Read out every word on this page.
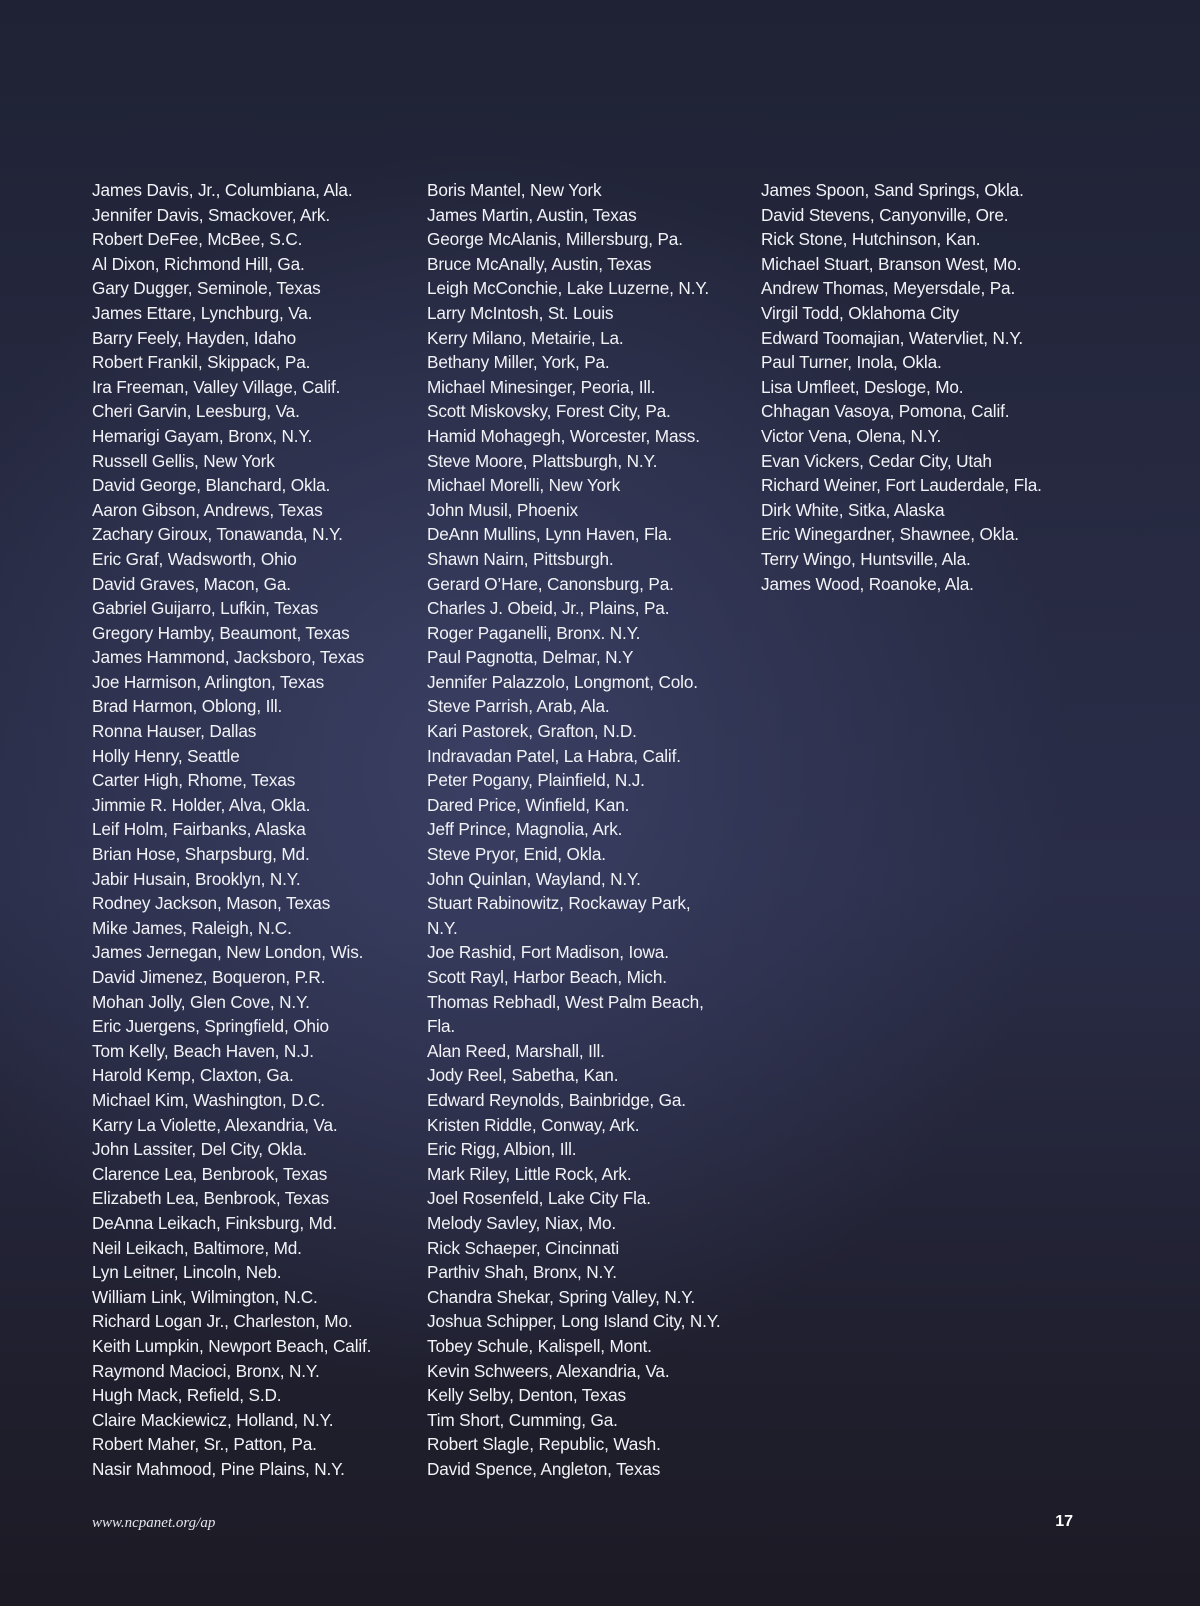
James Davis, Jr., Columbiana, Ala.
Jennifer Davis, Smackover, Ark.
Robert DeFee, McBee, S.C.
Al Dixon, Richmond Hill, Ga.
Gary Dugger, Seminole, Texas
James Ettare, Lynchburg, Va.
Barry Feely, Hayden, Idaho
Robert Frankil, Skippack, Pa.
Ira Freeman, Valley Village, Calif.
Cheri Garvin, Leesburg, Va.
Hemarigi Gayam, Bronx, N.Y.
Russell Gellis, New York
David George, Blanchard, Okla.
Aaron Gibson, Andrews, Texas
Zachary Giroux, Tonawanda, N.Y.
Eric Graf, Wadsworth, Ohio
David Graves, Macon, Ga.
Gabriel Guijarro, Lufkin, Texas
Gregory Hamby, Beaumont, Texas
James Hammond, Jacksboro, Texas
Joe Harmison, Arlington, Texas
Brad Harmon, Oblong, Ill.
Ronna Hauser, Dallas
Holly Henry, Seattle
Carter High, Rhome, Texas
Jimmie R. Holder, Alva, Okla.
Leif Holm, Fairbanks, Alaska
Brian Hose, Sharpsburg, Md.
Jabir Husain, Brooklyn, N.Y.
Rodney Jackson, Mason, Texas
Mike James, Raleigh, N.C.
James Jernegan, New London, Wis.
David Jimenez, Boqueron, P.R.
Mohan Jolly, Glen Cove, N.Y.
Eric Juergens, Springfield, Ohio
Tom Kelly, Beach Haven, N.J.
Harold Kemp, Claxton, Ga.
Michael Kim, Washington, D.C.
Karry La Violette, Alexandria, Va.
John Lassiter, Del City, Okla.
Clarence Lea, Benbrook, Texas
Elizabeth Lea, Benbrook, Texas
DeAnna Leikach, Finksburg, Md.
Neil Leikach, Baltimore, Md.
Lyn Leitner, Lincoln, Neb.
William Link, Wilmington, N.C.
Richard Logan Jr., Charleston, Mo.
Keith Lumpkin, Newport Beach, Calif.
Raymond Macioci, Bronx, N.Y.
Hugh Mack, Refield, S.D.
Claire Mackiewicz, Holland, N.Y.
Robert Maher, Sr., Patton, Pa.
Nasir Mahmood, Pine Plains, N.Y.
Boris Mantel, New York
James Martin, Austin, Texas
George McAlanis, Millersburg, Pa.
Bruce McAnally, Austin, Texas
Leigh McConchie, Lake Luzerne, N.Y.
Larry McIntosh, St. Louis
Kerry Milano, Metairie, La.
Bethany Miller, York, Pa.
Michael Minesinger, Peoria, Ill.
Scott Miskovsky, Forest City, Pa.
Hamid Mohagegh, Worcester, Mass.
Steve Moore, Plattsburgh, N.Y.
Michael Morelli, New York
John Musil, Phoenix
DeAnn Mullins, Lynn Haven, Fla.
Shawn Nairn, Pittsburgh.
Gerard O’Hare, Canonsburg, Pa.
Charles J. Obeid, Jr., Plains, Pa.
Roger Paganelli, Bronx. N.Y.
Paul Pagnotta, Delmar, N.Y
Jennifer Palazzolo, Longmont, Colo.
Steve Parrish, Arab, Ala.
Kari Pastorek, Grafton, N.D.
Indravadan Patel, La Habra, Calif.
Peter Pogany, Plainfield, N.J.
Dared Price, Winfield, Kan.
Jeff Prince, Magnolia, Ark.
Steve Pryor, Enid, Okla.
John Quinlan, Wayland, N.Y.
Stuart Rabinowitz, Rockaway Park,
N.Y.
Joe Rashid, Fort Madison, Iowa.
Scott Rayl, Harbor Beach, Mich.
Thomas Rebhadl, West Palm Beach,
Fla.
Alan Reed, Marshall, Ill.
Jody Reel, Sabetha, Kan.
Edward Reynolds, Bainbridge, Ga.
Kristen Riddle, Conway, Ark.
Eric Rigg, Albion, Ill.
Mark Riley, Little Rock, Ark.
Joel Rosenfeld, Lake City Fla.
Melody Savley, Niax, Mo.
Rick Schaeper, Cincinnati
Parthiv Shah, Bronx, N.Y.
Chandra Shekar, Spring Valley, N.Y.
Joshua Schipper, Long Island City, N.Y.
Tobey Schule, Kalispell, Mont.
Kevin Schweers, Alexandria, Va.
Kelly Selby, Denton, Texas
Tim Short, Cumming, Ga.
Robert Slagle, Republic, Wash.
David Spence, Angleton, Texas
James Spoon, Sand Springs, Okla.
David Stevens, Canyonville, Ore.
Rick Stone, Hutchinson, Kan.
Michael Stuart, Branson West, Mo.
Andrew Thomas, Meyersdale, Pa.
Virgil Todd, Oklahoma City
Edward Toomajian, Watervliet, N.Y.
Paul Turner, Inola, Okla.
Lisa Umfleet, Desloge, Mo.
Chhagan Vasoya, Pomona, Calif.
Victor Vena, Olena, N.Y.
Evan Vickers, Cedar City, Utah
Richard Weiner, Fort Lauderdale, Fla.
Dirk White, Sitka, Alaska
Eric Winegardner, Shawnee, Okla.
Terry Wingo, Huntsville, Ala.
James Wood, Roanoke, Ala.
www.ncpanet.org/ap	17
